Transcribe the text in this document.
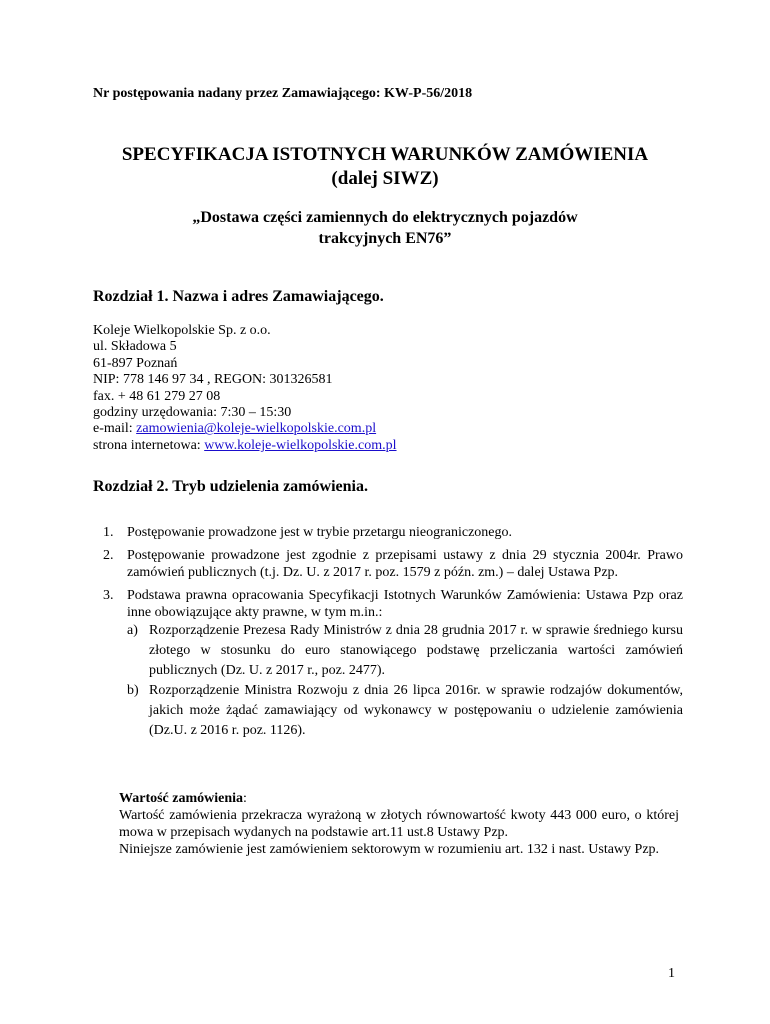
Nr postępowania nadany przez Zamawiającego: KW-P-56/2018
SPECYFIKACJA ISTOTNYCH WARUNKÓW ZAMÓWIENIA
(dalej SIWZ)
„Dostawa części zamiennych do elektrycznych pojazdów
trakcyjnych EN76”
Rozdział 1. Nazwa i adres Zamawiającego.
Koleje Wielkopolskie Sp. z o.o.
ul. Składowa 5
61-897 Poznań
NIP: 778 146 97 34 , REGON: 301326581
fax. + 48 61 279 27 08
godziny urzędowania: 7:30 – 15:30
e-mail: zamowienia@koleje-wielkopolskie.com.pl
strona internetowa: www.koleje-wielkopolskie.com.pl
Rozdział 2. Tryb udzielenia zamówienia.
1. Postępowanie prowadzone jest w trybie przetargu nieograniczonego.
2. Postępowanie prowadzone jest zgodnie z przepisami ustawy z dnia 29 stycznia 2004r. Prawo zamówień publicznych (t.j. Dz. U. z 2017 r. poz. 1579 z późn. zm.) – dalej Ustawa Pzp.
3. Podstawa prawna opracowania Specyfikacji Istotnych Warunków Zamówienia: Ustawa Pzp oraz inne obowiązujące akty prawne, w tym m.in.:
a) Rozporządzenie Prezesa Rady Ministrów z dnia 28 grudnia 2017 r. w sprawie średniego kursu złotego w stosunku do euro stanowiącego podstawę przeliczania wartości zamówień publicznych (Dz. U. z 2017 r., poz. 2477).
b) Rozporządzenie Ministra Rozwoju z dnia 26 lipca 2016r. w sprawie rodzajów dokumentów, jakich może żądać zamawiający od wykonawcy w postępowaniu o udzielenie zamówienia (Dz.U. z 2016 r. poz. 1126).
Wartość zamówienia:
Wartość zamówienia przekracza wyrażoną w złotych równowartość kwoty 443 000 euro, o której mowa w przepisach wydanych na podstawie art.11 ust.8 Ustawy Pzp.
Niniejsze zamówienie jest zamówieniem sektorowym w rozumieniu art. 132 i nast. Ustawy Pzp.
1
